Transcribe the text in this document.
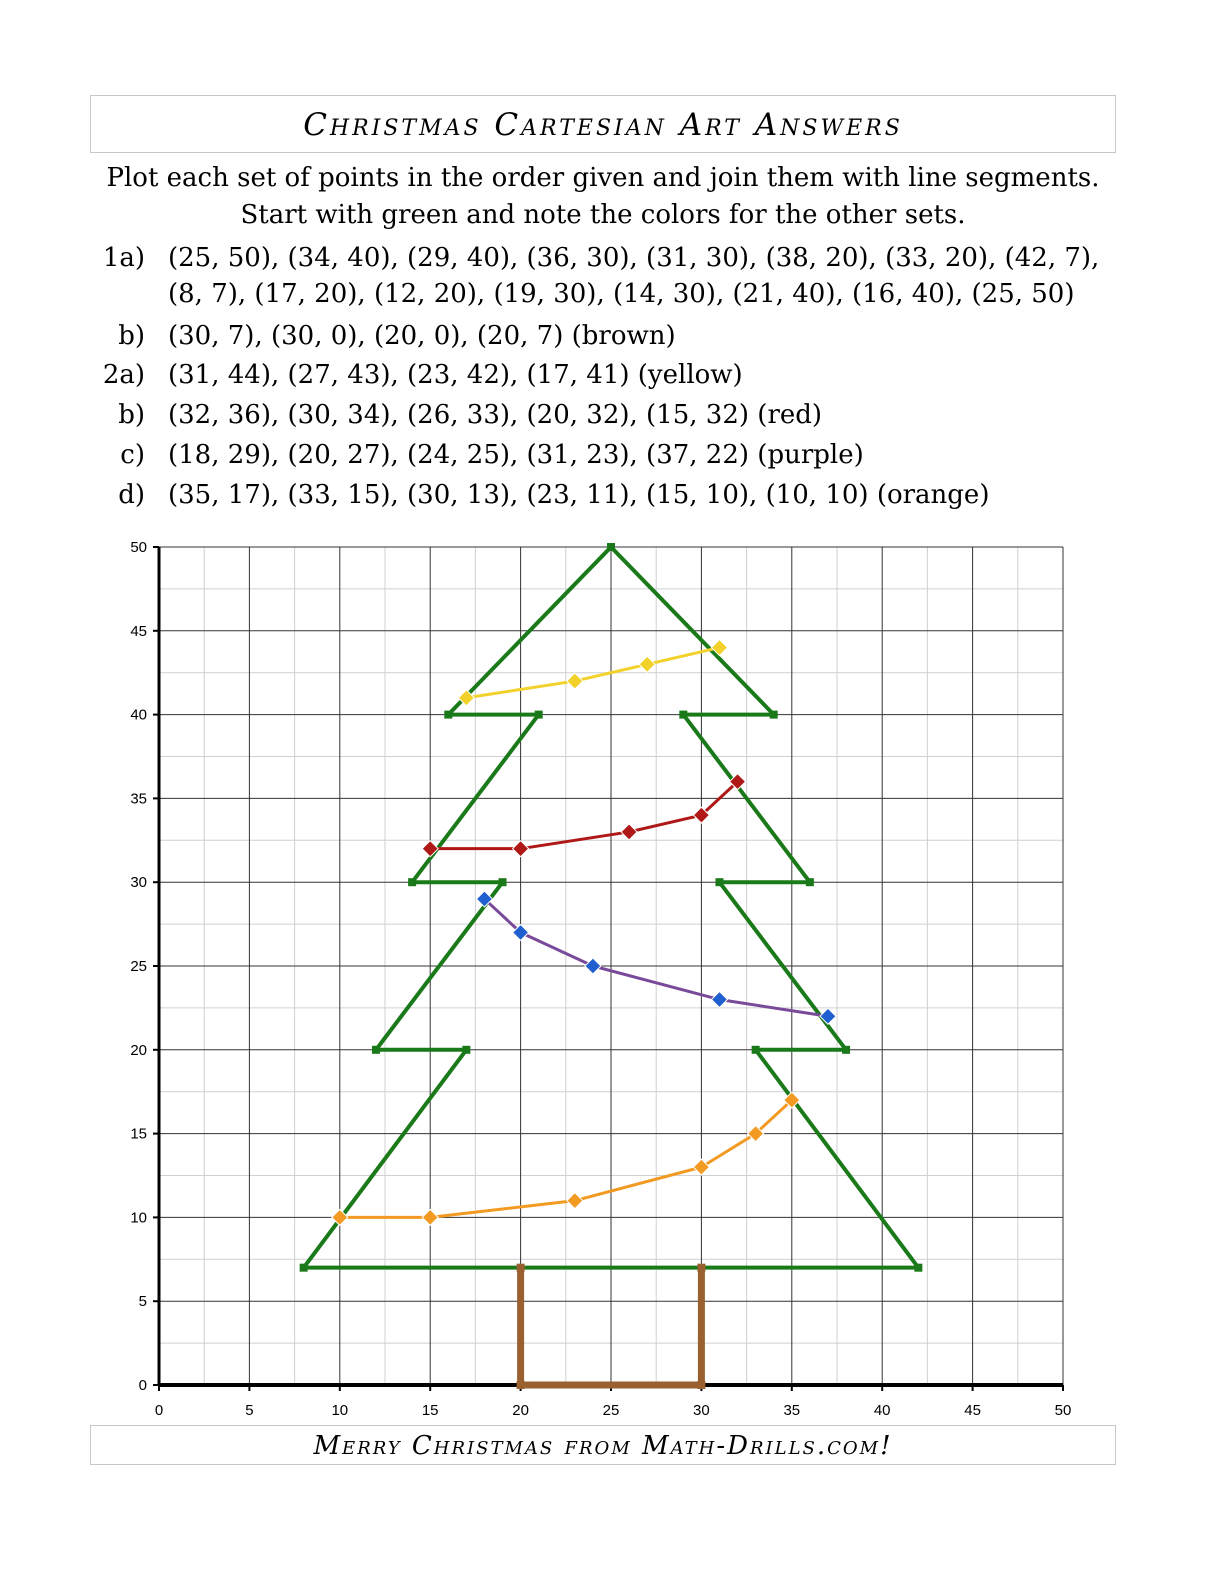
Christmas Cartesian Art Answers
Plot each set of points in the order given and join them with line segments.
Start with green and note the colors for the other sets.
1a) (25, 50), (34, 40), (29, 40), (36, 30), (31, 30), (38, 20), (33, 20), (42, 7), (8, 7), (17, 20), (12, 20), (19, 30), (14, 30), (21, 40), (16, 40), (25, 50)
b) (30, 7), (30, 0), (20, 0), (20, 7) (brown)
2a) (31, 44), (27, 43), (23, 42), (17, 41) (yellow)
b) (32, 36), (30, 34), (26, 33), (20, 32), (15, 32) (red)
c) (18, 29), (20, 27), (24, 25), (31, 23), (37, 22) (purple)
d) (35, 17), (33, 15), (30, 13), (23, 11), (15, 10), (10, 10) (orange)
0	5	10	15	20	25	30	35	40	45	50
0
5
10
15
20
25
30
35
40
45
50
Merry Christmas from Math-Drills.com!
